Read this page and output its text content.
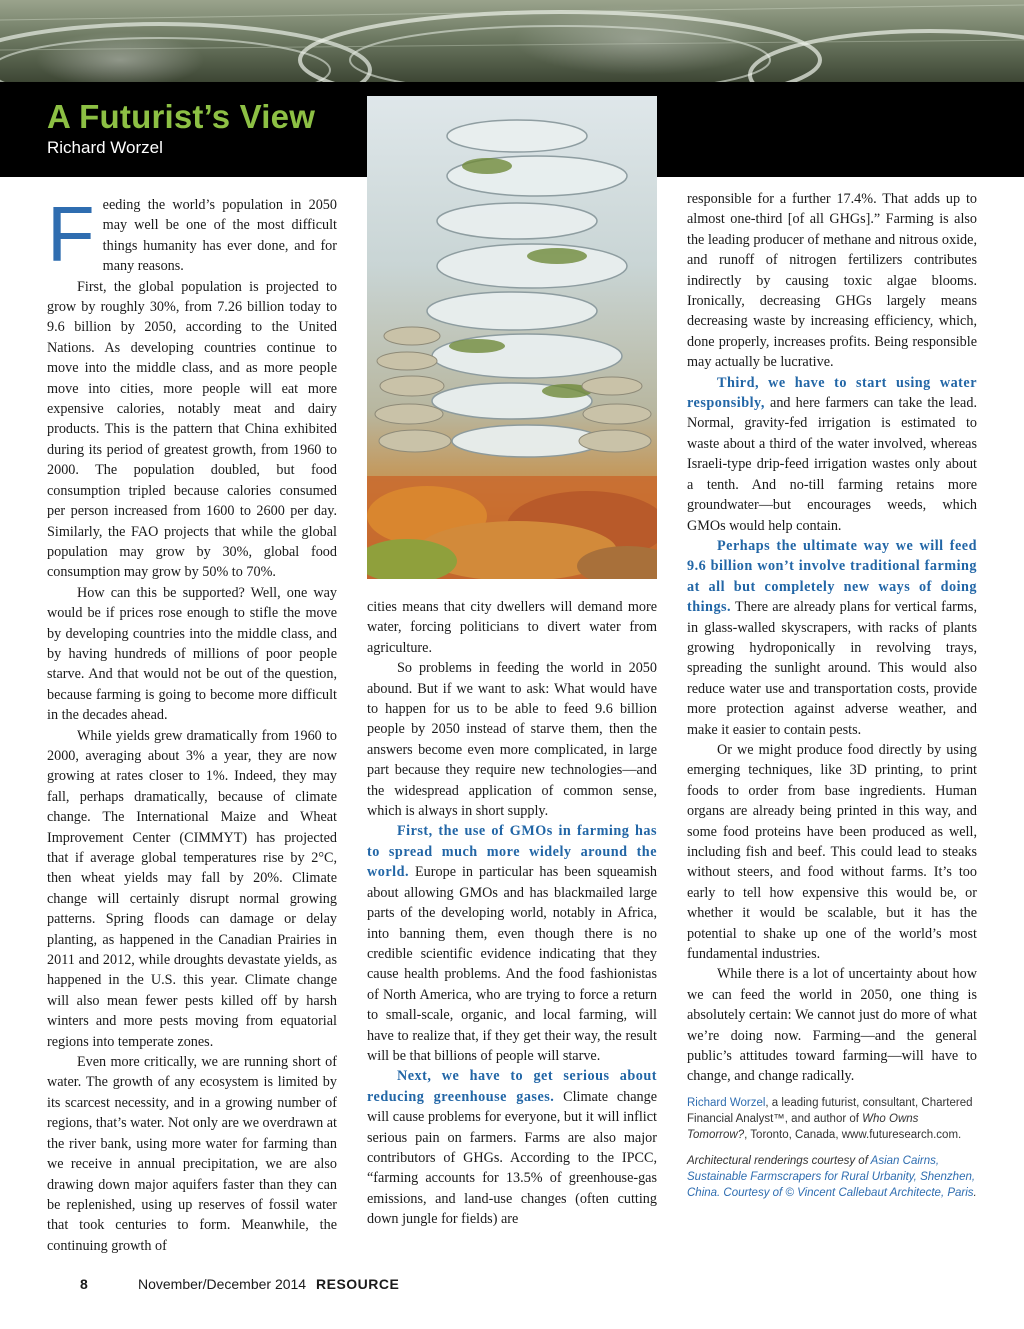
A Futurist’s View
Richard Worzel

Feeding the world’s population in 2050 may well be one of the most difficult things humanity has ever done, and for many reasons.

First, the global population is projected to grow by roughly 30%, from 7.26 billion today to 9.6 billion by 2050, according to the United Nations. As developing countries continue to move into the middle class, and as more people move into cities, more people will eat more expensive calories, notably meat and dairy products. This is the pattern that China exhibited during its period of greatest growth, from 1960 to 2000. The population doubled, but food consumption tripled because calories consumed per person increased from 1600 to 2600 per day. Similarly, the FAO projects that while the global population may grow by 30%, global food consumption may grow by 50% to 70%.

How can this be supported? Well, one way would be if prices rose enough to stifle the move by developing countries into the middle class, and by having hundreds of millions of poor people starve. And that would not be out of the question, because farming is going to become more difficult in the decades ahead.

While yields grew dramatically from 1960 to 2000, averaging about 3% a year, they are now growing at rates closer to 1%. Indeed, they may fall, perhaps dramatically, because of climate change. The International Maize and Wheat Improvement Center (CIMMYT) has projected that if average global temperatures rise by 2°C, then wheat yields may fall by 20%. Climate change will certainly disrupt normal growing patterns. Spring floods can damage or delay planting, as happened in the Canadian Prairies in 2011 and 2012, while droughts devastate yields, as happened in the U.S. this year. Climate change will also mean fewer pests killed off by harsh winters and more pests moving from equatorial regions into temperate zones.

Even more critically, we are running short of water. The growth of any ecosystem is limited by its scarcest necessity, and in a growing number of regions, that’s water. Not only are we overdrawn at the river bank, using more water for farming than we receive in annual precipitation, we are also drawing down major aquifers faster than they can be replenished, using up reserves of fossil water that took centuries to form. Meanwhile, the continuing growth of

cities means that city dwellers will demand more water, forcing politicians to divert water from agriculture.

So problems in feeding the world in 2050 abound. But if we want to ask: What would have to happen for us to be able to feed 9.6 billion people by 2050 instead of starve them, then the answers become even more complicated, in large part because they require new technologies—and the widespread application of common sense, which is always in short supply.

First, the use of GMOs in farming has to spread much more widely around the world. Europe in particular has been squeamish about allowing GMOs and has blackmailed large parts of the developing world, notably in Africa, into banning them, even though there is no credible scientific evidence indicating that they cause health problems. And the food fashionistas of North America, who are trying to force a return to small-scale, organic, and local farming, will have to realize that, if they get their way, the result will be that billions of people will starve.

Next, we have to get serious about reducing greenhouse gases. Climate change will cause problems for everyone, but it will inflict serious pain on farmers. Farms are also major contributors of GHGs. According to the IPCC, “farming accounts for 13.5% of greenhouse-gas emissions, and land-use changes (often cutting down jungle for fields) are

responsible for a further 17.4%. That adds up to almost one-third [of all GHGs].” Farming is also the leading producer of methane and nitrous oxide, and runoff of nitrogen fertilizers contributes indirectly by causing toxic algae blooms. Ironically, decreasing GHGs largely means decreasing waste by increasing efficiency, which, done properly, increases profits. Being responsible may actually be lucrative.

Third, we have to start using water responsibly, and here farmers can take the lead. Normal, gravity-fed irrigation is estimated to waste about a third of the water involved, whereas Israeli-type drip-feed irrigation wastes only about a tenth. And no-till farming retains more groundwater—but encourages weeds, which GMOs would help contain.

Perhaps the ultimate way we will feed 9.6 billion won’t involve traditional farming at all but completely new ways of doing things. There are already plans for vertical farms, in glass-walled skyscrapers, with racks of plants growing hydroponically in revolving trays, spreading the sunlight around. This would also reduce water use and transportation costs, provide more protection against adverse weather, and make it easier to contain pests.

Or we might produce food directly by using emerging techniques, like 3D printing, to print foods to order from base ingredients. Human organs are already being printed in this way, and some food proteins have been produced as well, including fish and beef. This could lead to steaks without steers, and food without farms. It’s too early to tell how expensive this would be, or whether it would be scalable, but it has the potential to shake up one of the world’s most fundamental industries.

While there is a lot of uncertainty about how we can feed the world in 2050, one thing is absolutely certain: We cannot just do more of what we’re doing now. Farming—and the general public’s attitudes toward farming—will have to change, and change radically.

Richard Worzel, a leading futurist, consultant, Chartered Financial Analyst™, and author of Who Owns Tomorrow?, Toronto, Canada, www.futuresearch.com.
Architectural renderings courtesy of Asian Cairns, Sustainable Farmscrapers for Rural Urbanity, Shenzhen, China. Courtesy of © Vincent Callebaut Architecte, Paris.
8	November/December 2014 RESOURCE
